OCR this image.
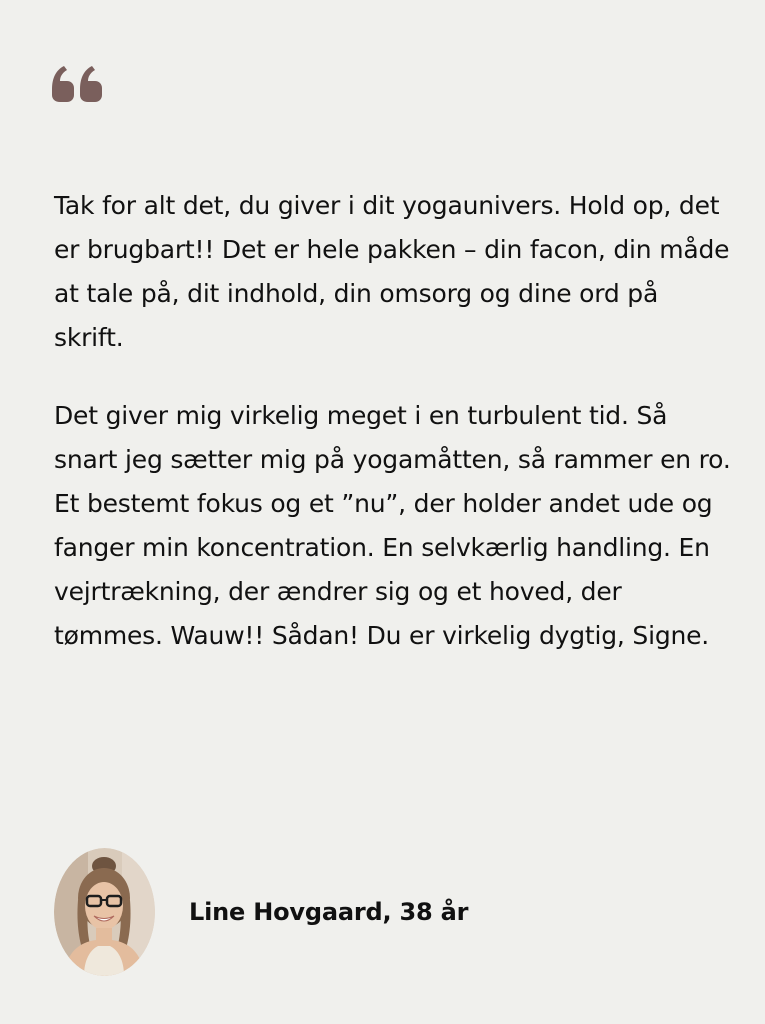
Tak for alt det, du giver i dit yogaunivers. Hold op, det er brugbart!! Det er hele pakken – din facon, din måde at tale på, dit indhold, din omsorg og dine ord på skrift.

Det giver mig virkelig meget i en turbulent tid. Så snart jeg sætter mig på yogamåtten, så rammer en ro. Et bestemt fokus og et ”nu”, der holder andet ude og fanger min koncentration. En selvkærlig handling. En vejrtrækning, der ændrer sig og et hoved, der tømmes. Wauw!! Sådan! Du er virkelig dygtig, Signe.

Line Hovgaard, 38 år
